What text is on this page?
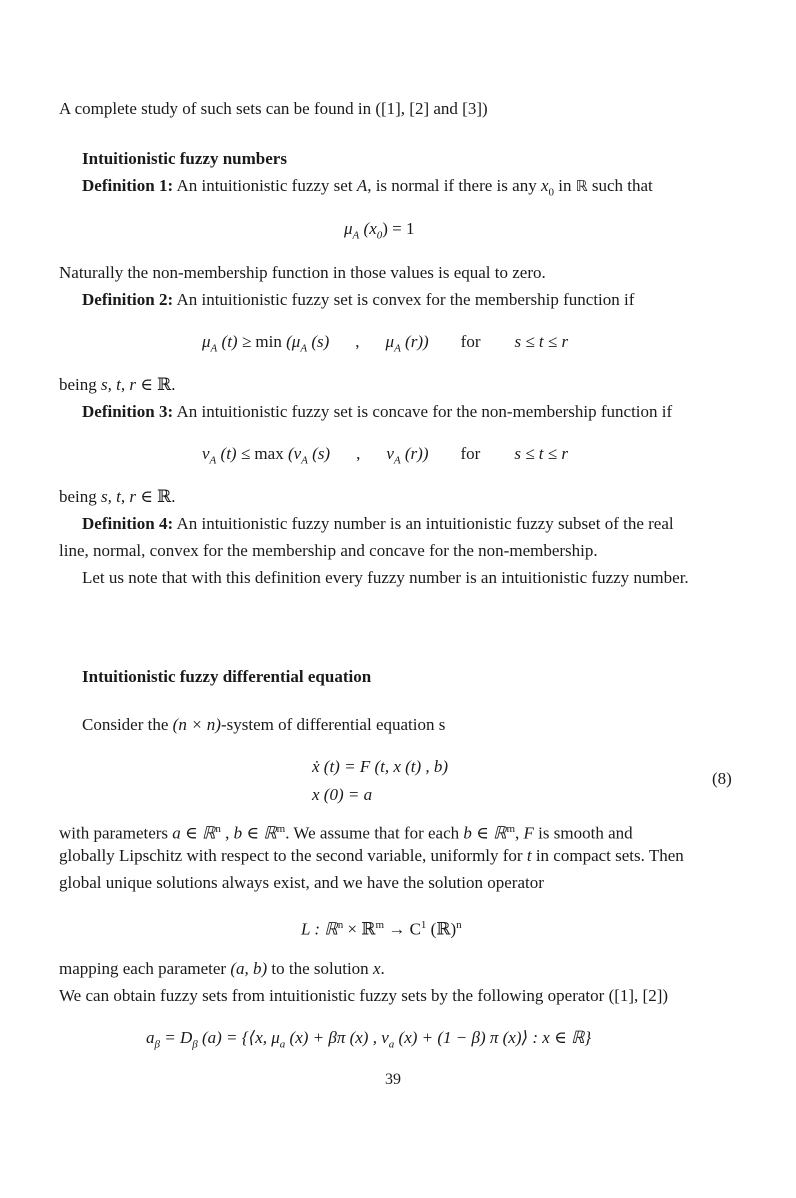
A complete study of such sets can be found in ([1], [2] and [3])
Intuitionistic fuzzy numbers
Definition 1: An intuitionistic fuzzy set A, is normal if there is any $x_0$ in ℝ such that
$\mu_A$ $(x_0) = 1$
Naturally the non-membership function in those values is equal to zero.
Definition 2: An intuitionistic fuzzy set is convex for the membership function if
$\mu_A$ $(t) \ge \min (\mu_A$ (s) , $\mu_A$ (r)) for s ≤ t ≤ r
being s, t, r ∈ ℝ.
Definition 3: An intuitionistic fuzzy set is concave for the non-membership function if
$\nu_A$ $(t) \le \max (\nu_A$ (s) , $\nu_A$ (r)) for s ≤ t ≤ r
being s, t, r ∈ ℝ.
Definition 4: An intuitionistic fuzzy number is an intuitionistic fuzzy subset of the real
line, normal, convex for the membership and concave for the non-membership.
Let us note that with this definition every fuzzy number is an intuitionistic fuzzy number.
Intuitionistic fuzzy differential equation
Consider the (n × n)-system of differential equation s
ẋ (t) = F (t, x (t) , b)
x (0) = a
(8)
with parameters a ∈ ℝ$^n$ , b ∈ ℝ$^m$. We assume that for each b ∈ ℝ$^m$, F is smooth and
globally Lipschitz with respect to the second variable, uniformly for t in compact sets. Then
global unique solutions always exist, and we have the solution operator
L : ℝ$^n$ × ℝ$^m$ → $C^1$ (ℝ)$^n$
mapping each parameter (a, b) to the solution x.
We can obtain fuzzy sets from intuitionistic fuzzy sets by the following operator ([1], [2])
$a_\beta = D_\beta$ (a) = {⟨x, $\mu_a$ (x) + βπ (x) , $\nu_a$ (x) + (1 − β) π (x)⟩ : x ∈ ℝ}
39
